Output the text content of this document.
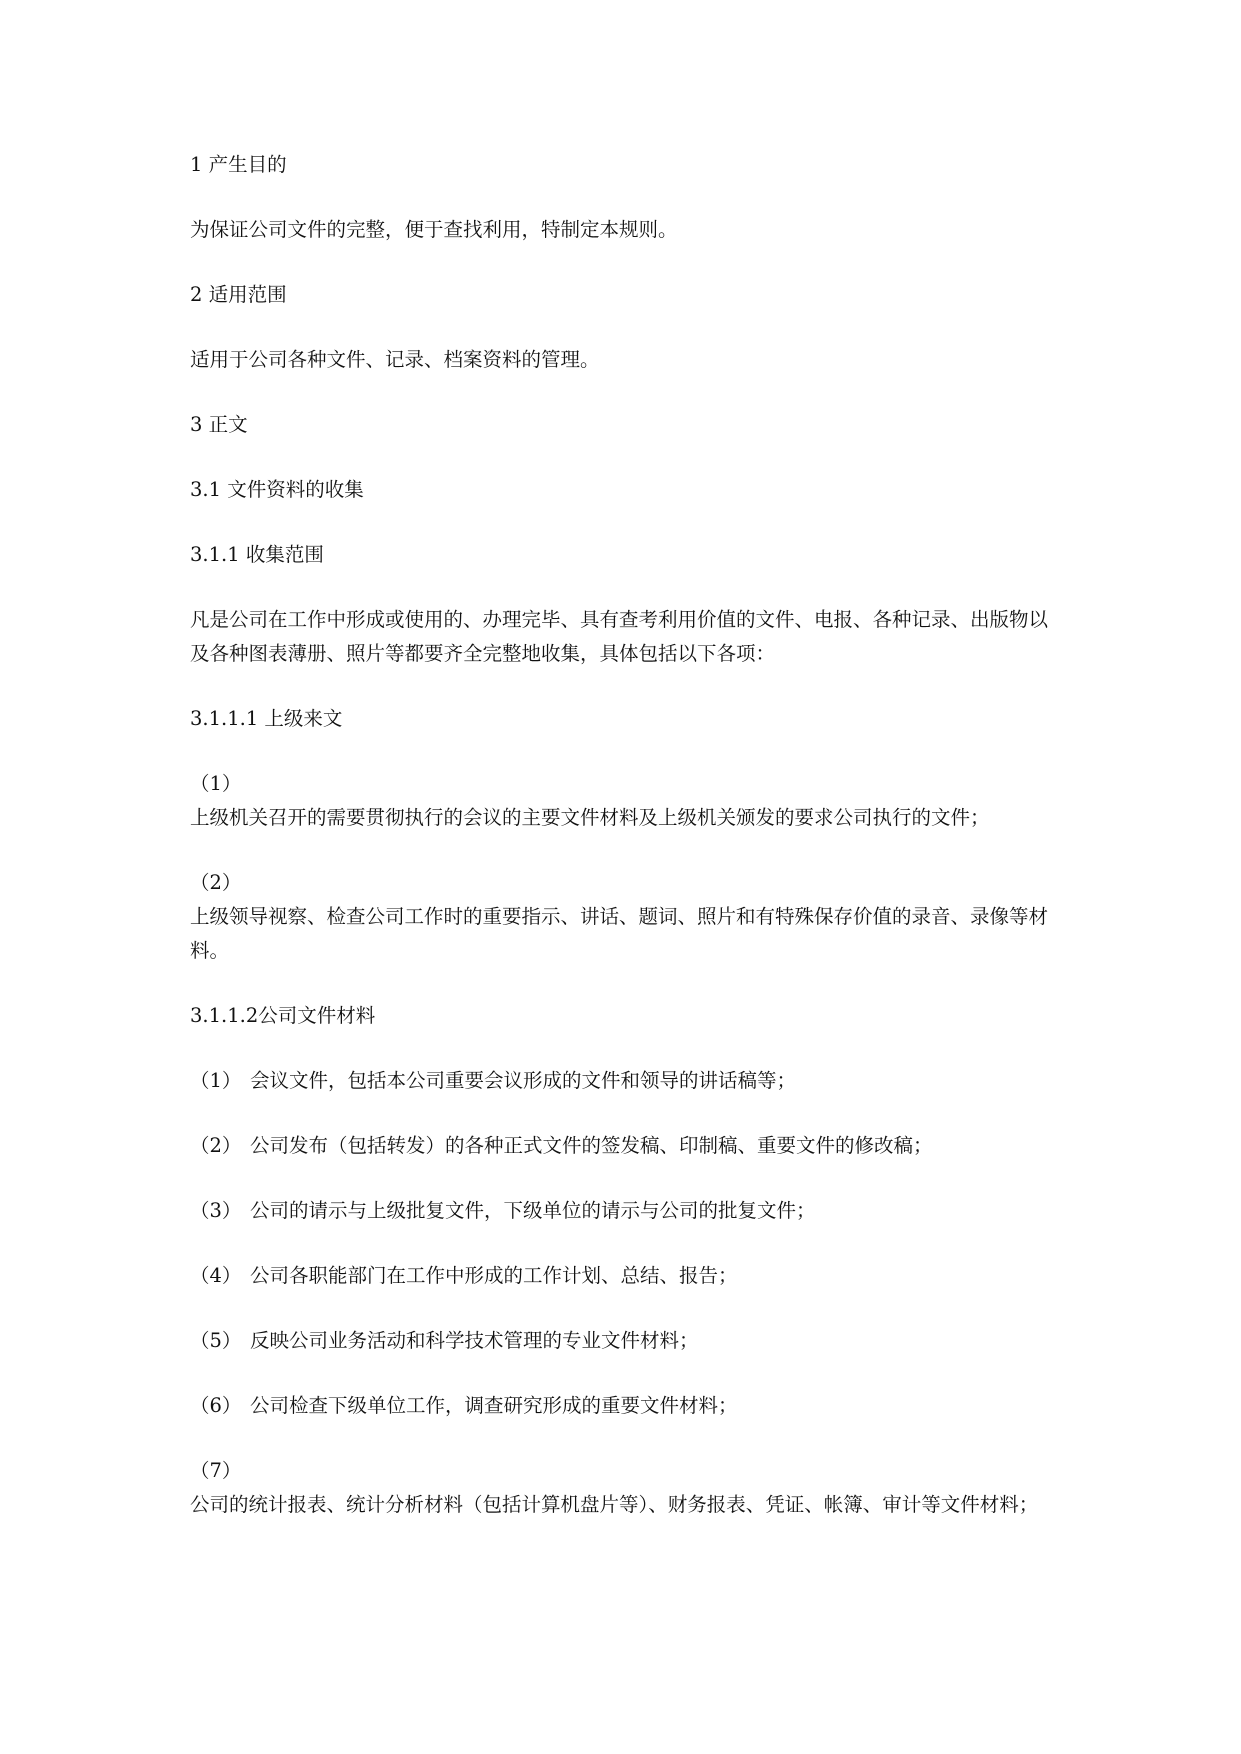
1 产生目的

为保证公司文件的完整，便于查找利用，特制定本规则。

2 适用范围

适用于公司各种文件、记录、档案资料的管理。

3 正文

3.1 文件资料的收集

3.1.1 收集范围

凡是公司在工作中形成或使用的、办理完毕、具有查考利用价值的文件、电报、各种记录、出版物以及各种图表薄册、照片等都要齐全完整地收集，具体包括以下各项：

3.1.1.1 上级来文

（1）
上级机关召开的需要贯彻执行的会议的主要文件材料及上级机关颁发的要求公司执行的文件；

（2）
上级领导视察、检查公司工作时的重要指示、讲话、题词、照片和有特殊保存价值的录音、录像等材料。

3.1.1.2公司文件材料

（1） 会议文件，包括本公司重要会议形成的文件和领导的讲话稿等；

（2） 公司发布（包括转发）的各种正式文件的签发稿、印制稿、重要文件的修改稿；

（3） 公司的请示与上级批复文件，下级单位的请示与公司的批复文件；

（4） 公司各职能部门在工作中形成的工作计划、总结、报告；

（5） 反映公司业务活动和科学技术管理的专业文件材料；

（6） 公司检查下级单位工作，调查研究形成的重要文件材料；

（7）
公司的统计报表、统计分析材料（包括计算机盘片等）、财务报表、凭证、帐簿、审计等文件材料；
